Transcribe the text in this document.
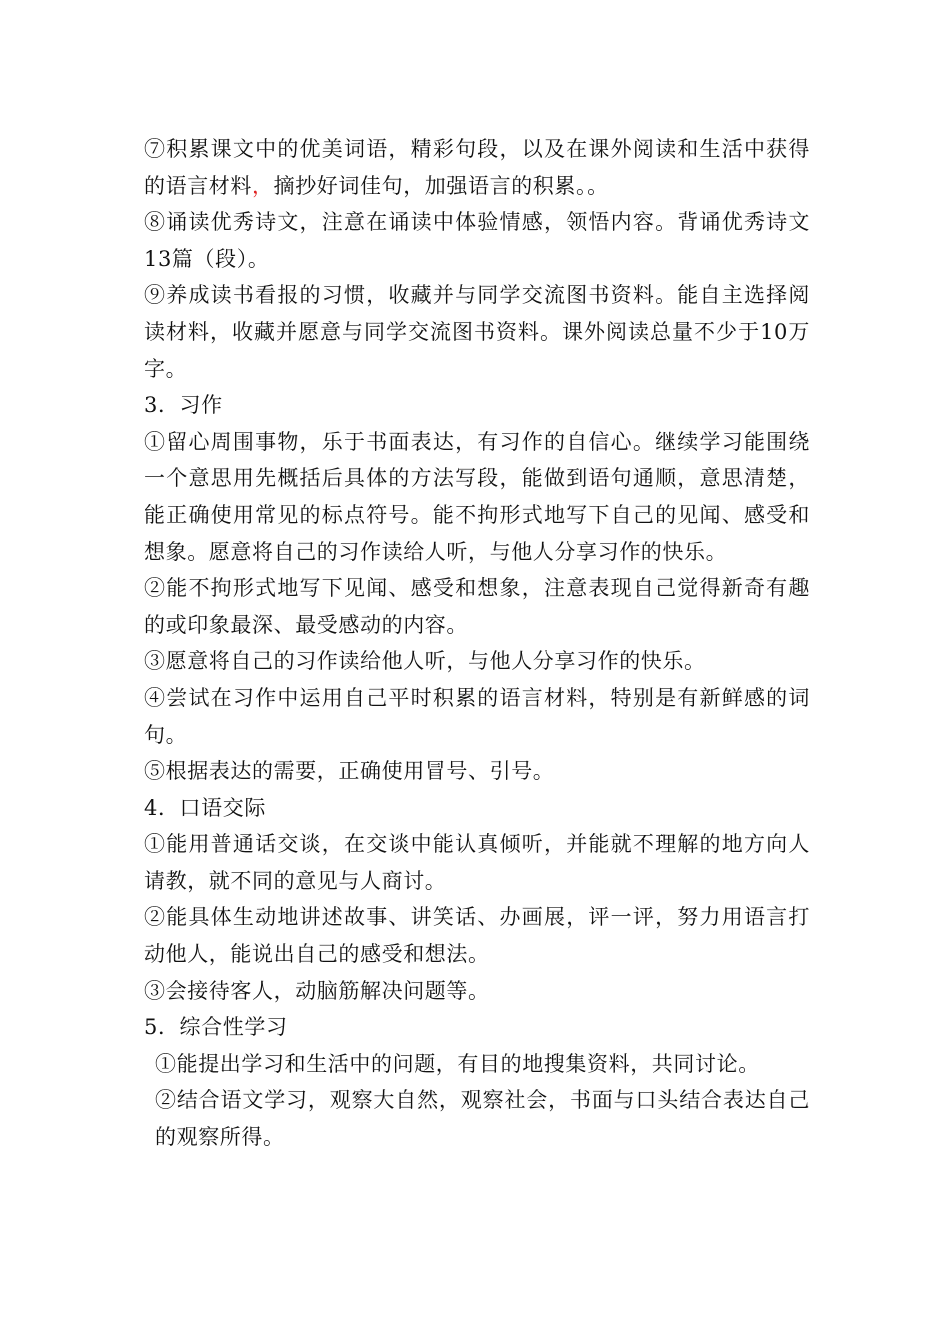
⑦积累课文中的优美词语，精彩句段，以及在课外阅读和生活中获得的语言材料，摘抄好词佳句，加强语言的积累。。

⑧诵读优秀诗文，注意在诵读中体验情感，领悟内容。背诵优秀诗文13篇（段）。

⑨养成读书看报的习惯，收藏并与同学交流图书资料。能自主选择阅读材料，收藏并愿意与同学交流图书资料。课外阅读总量不少于10万字。

3．习作

①留心周围事物，乐于书面表达，有习作的自信心。继续学习能围绕一个意思用先概括后具体的方法写段，能做到语句通顺，意思清楚，能正确使用常见的标点符号。能不拘形式地写下自己的见闻、感受和想象。愿意将自己的习作读给人听，与他人分享习作的快乐。

②能不拘形式地写下见闻、感受和想象，注意表现自己觉得新奇有趣的或印象最深、最受感动的内容。

③愿意将自己的习作读给他人听，与他人分享习作的快乐。

④尝试在习作中运用自己平时积累的语言材料，特别是有新鲜感的词句。

⑤根据表达的需要，正确使用冒号、引号。

4．口语交际

①能用普通话交谈，在交谈中能认真倾听，并能就不理解的地方向人请教，就不同的意见与人商讨。

②能具体生动地讲述故事、讲笑话、办画展，评一评，努力用语言打动他人，能说出自己的感受和想法。

③会接待客人，动脑筋解决问题等。

5．综合性学习

①能提出学习和生活中的问题，有目的地搜集资料，共同讨论。

②结合语文学习，观察大自然，观察社会，书面与口头结合表达自己的观察所得。
